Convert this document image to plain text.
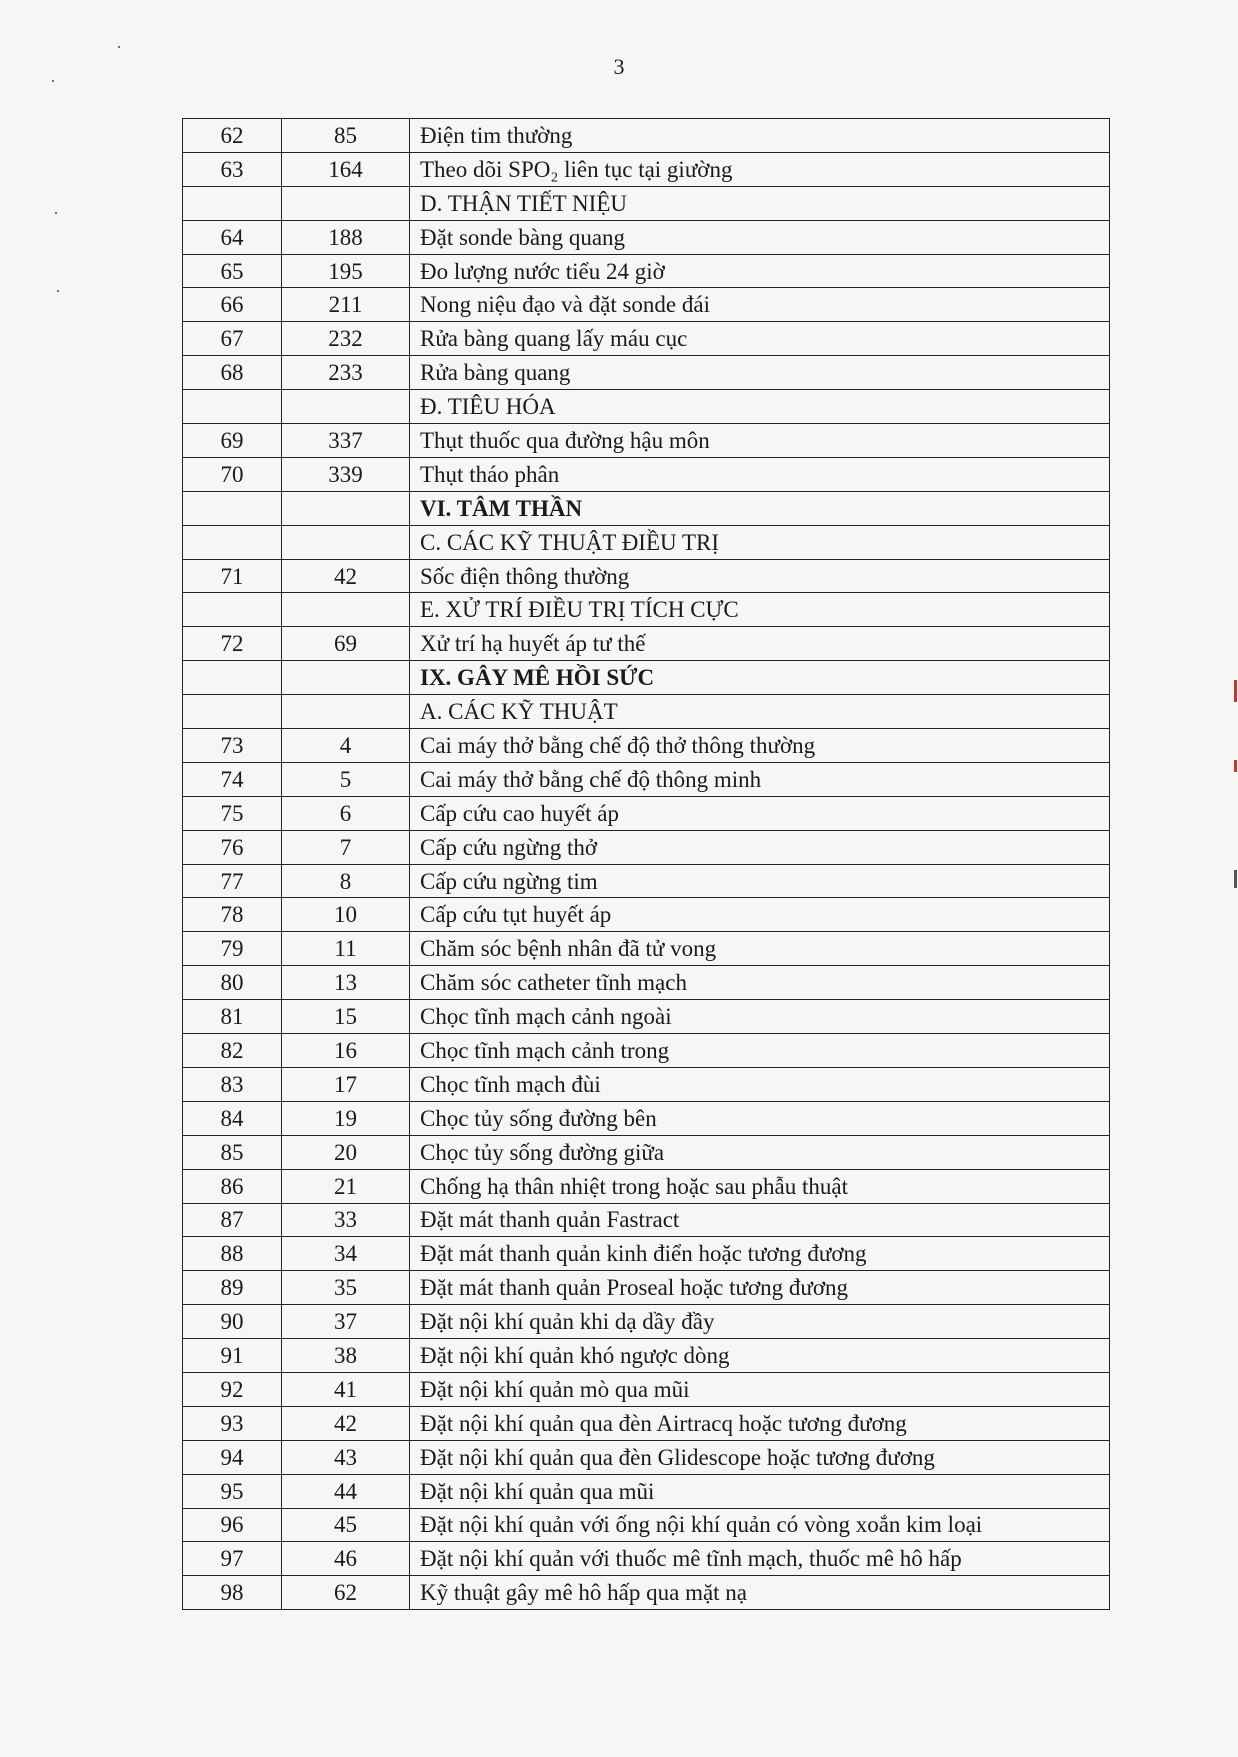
3
62	85	Điện tim thường
63	164	Theo dõi SPO₂ liên tục tại giường
		D. THẬN TIẾT NIỆU
64	188	Đặt sonde bàng quang
65	195	Đo lượng nước tiểu 24 giờ
66	211	Nong niệu đạo và đặt sonde đái
67	232	Rửa bàng quang lấy máu cục
68	233	Rửa bàng quang
		Đ. TIÊU HÓA
69	337	Thụt thuốc qua đường hậu môn
70	339	Thụt tháo phân
		VI. TÂM THẦN
		C. CÁC KỸ THUẬT ĐIỀU TRỊ
71	42	Sốc điện thông thường
		E. XỬ TRÍ ĐIỀU TRỊ TÍCH CỰC
72	69	Xử trí hạ huyết áp tư thế
		IX. GÂY MÊ HỒI SỨC
		A. CÁC KỸ THUẬT
73	4	Cai máy thở bằng chế độ thở thông thường
74	5	Cai máy thở bằng chế độ thông minh
75	6	Cấp cứu cao huyết áp
76	7	Cấp cứu ngừng thở
77	8	Cấp cứu ngừng tim
78	10	Cấp cứu tụt huyết áp
79	11	Chăm sóc bệnh nhân đã tử vong
80	13	Chăm sóc catheter tĩnh mạch
81	15	Chọc tĩnh mạch cảnh ngoài
82	16	Chọc tĩnh mạch cảnh trong
83	17	Chọc tĩnh mạch đùi
84	19	Chọc tủy sống đường bên
85	20	Chọc tủy sống đường giữa
86	21	Chống hạ thân nhiệt trong hoặc sau phẫu thuật
87	33	Đặt mát thanh quản Fastract
88	34	Đặt mát thanh quản kinh điển hoặc tương đương
89	35	Đặt mát thanh quản Proseal hoặc tương đương
90	37	Đặt nội khí quản khi dạ dầy đầy
91	38	Đặt nội khí quản khó ngược dòng
92	41	Đặt nội khí quản mò qua mũi
93	42	Đặt nội khí quản qua đèn Airtracq hoặc tương đương
94	43	Đặt nội khí quản qua đèn Glidescope hoặc tương đương
95	44	Đặt nội khí quản qua mũi
96	45	Đặt nội khí quản với ống nội khí quản có vòng xoắn kim loại
97	46	Đặt nội khí quản với thuốc mê tĩnh mạch, thuốc mê hô hấp
98	62	Kỹ thuật gây mê hô hấp qua mặt nạ
